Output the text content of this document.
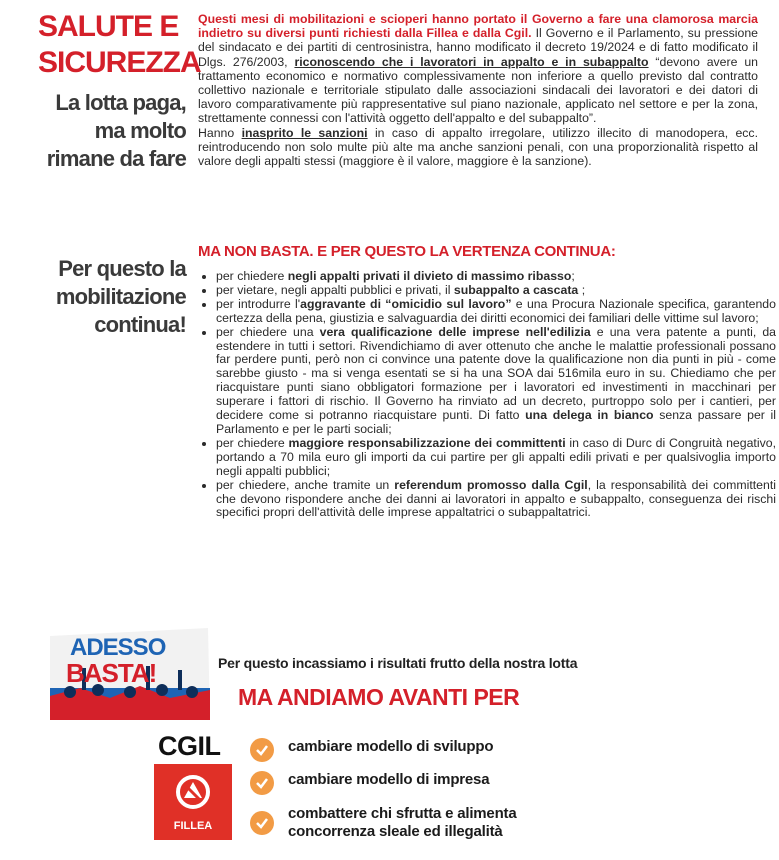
SALUTE E
SICUREZZA
La lotta paga,
ma molto
rimane da fare
Per questo la
mobilitazione
continua!

Questi mesi di mobilitazioni e scioperi hanno portato il Governo a fare una clamorosa marcia indietro su diversi punti richiesti dalla Fillea e dalla Cgil. Il Governo e il Parlamento, su pressione del sindacato e dei partiti di centrosinistra, hanno modificato il decreto 19/2024 e di fatto modificato il Dlgs. 276/2003, riconoscendo che i lavoratori in appalto e in subappalto “devono avere un trattamento economico e normativo complessivamente non inferiore a quello previsto dal contratto collettivo nazionale e territoriale stipulato dalle associazioni sindacali dei lavoratori e dei datori di lavoro comparativamente più rappresentative sul piano nazionale, applicato nel settore e per la zona, strettamente connessi con l'attività oggetto dell'appalto e del subappalto”.

Hanno inasprito le sanzioni in caso di appalto irregolare, utilizzo illecito di manodopera, ecc. reintroducendo non solo multe più alte ma anche sanzioni penali, con una proporzionalità rispetto al valore degli appalti stessi (maggiore è il valore, maggiore è la sanzione).

MA NON BASTA. E PER QUESTO LA VERTENZA CONTINUA:
• per chiedere negli appalti privati il divieto di massimo ribasso;
• per vietare, negli appalti pubblici e privati, il subappalto a cascata ;
• per introdurre l'aggravante di “omicidio sul lavoro” e una Procura Nazionale specifica, garantendo certezza della pena, giustizia e salvaguardia dei diritti economici dei familiari delle vittime sul lavoro;
• per chiedere una vera qualificazione delle imprese nell'edilizia e una vera patente a punti, da estendere in tutti i settori. Rivendichiamo di aver ottenuto che anche le malattie professionali possano far perdere punti, però non ci convince una patente dove la qualificazione non dia punti in più - come sarebbe giusto - ma si venga esentati se si ha una SOA dai 516mila euro in su. Chiediamo che per riacquistare punti siano obbligatori formazione per i lavoratori ed investimenti in macchinari per superare i fattori di rischio. Il Governo ha rinviato ad un decreto, purtroppo solo per i cantieri, per decidere come si potranno riacquistare punti. Di fatto una delega in bianco senza passare per il Parlamento e per le parti sociali;
• per chiedere maggiore responsabilizzazione dei committenti in caso di Durc di Congruità negativo, portando a 70 mila euro gli importi da cui partire per gli appalti edili privati e per qualsivoglia importo negli appalti pubblici;
• per chiedere, anche tramite un referendum promosso dalla Cgil, la responsabilità dei committenti che devono rispondere anche dei danni ai lavoratori in appalto e subappalto, conseguenza dei rischi specifici propri dell'attività delle imprese appaltatrici o subappaltatrici.
ADESSO
BASTA!	Per questo incassiamo i risultati frutto della nostra lotta
MA ANDIAMO AVANTI PER
CGIL
FILLEA
cambiare modello di sviluppo
cambiare modello di impresa
combattere chi sfrutta e alimenta
concorrenza sleale ed illegalità
